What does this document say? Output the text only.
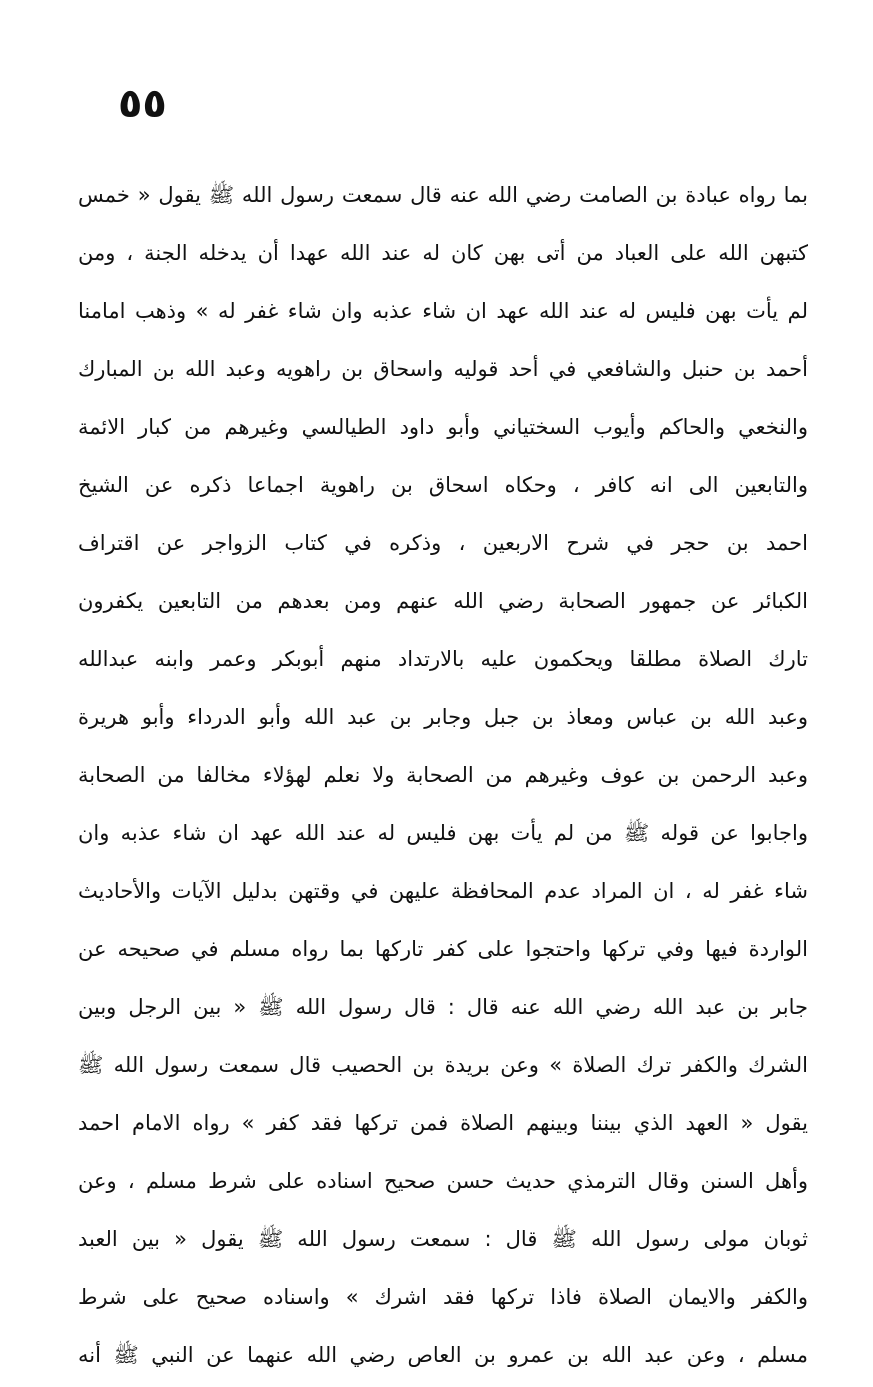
٥٥
بما رواه عبادة بن الصامت رضي الله عنه قال سمعت رسول الله ﷺ يقول « خمس
كتبهن الله على العباد من أتى بهن كان له عند الله عهدا أن يدخله الجنة ، ومن
لم يأت بهن فليس له عند الله عهد ان شاء عذبه وان شاء غفر له » وذهب امامنا
أحمد بن حنبل والشافعي في أحد قوليه واسحاق بن راهويه وعبد الله بن المبارك
والنخعي والحاكم وأيوب السختياني وأبو داود الطيالسي وغيرهم من كبار الائمة
والتابعين الى انه كافر ، وحكاه اسحاق بن راهوية اجماعا ذكره عن الشيخ
احمد بن حجر في شرح الاربعين ، وذكره في كتاب الزواجر عن اقتراف
الكبائر عن جمهور الصحابة رضي الله عنهم ومن بعدهم من التابعين يكفرون
تارك الصلاة مطلقا ويحكمون عليه بالارتداد منهم أبوبكر وعمر وابنه عبدالله
وعبد الله بن عباس ومعاذ بن جبل وجابر بن عبد الله وأبو الدرداء وأبو هريرة
وعبد الرحمن بن عوف وغيرهم من الصحابة ولا نعلم لهؤلاء مخالفا من الصحابة
واجابوا عن قوله ﷺ من لم يأت بهن فليس له عند الله عهد ان شاء عذبه وان
شاء غفر له ، ان المراد عدم المحافظة عليهن في وقتهن بدليل الآيات والأحاديث
الواردة فيها وفي تركها واحتجوا على كفر تاركها بما رواه مسلم في صحيحه عن
جابر بن عبد الله رضي الله عنه قال : قال رسول الله ﷺ « بين الرجل وبين
الشرك والكفر ترك الصلاة » وعن بريدة بن الحصيب قال سمعت رسول الله ﷺ
يقول « العهد الذي بيننا وبينهم الصلاة فمن تركها فقد كفر » رواه الامام احمد
وأهل السنن وقال الترمذي حديث حسن صحيح اسناده على شرط مسلم ، وعن
ثوبان مولى رسول الله ﷺ قال : سمعت رسول الله ﷺ يقول « بين العبد
والكفر والايمان الصلاة فاذا تركها فقد اشرك » واسناده صحيح على شرط
مسلم ، وعن عبد الله بن عمرو بن العاص رضي الله عنهما عن النبي ﷺ أنه
